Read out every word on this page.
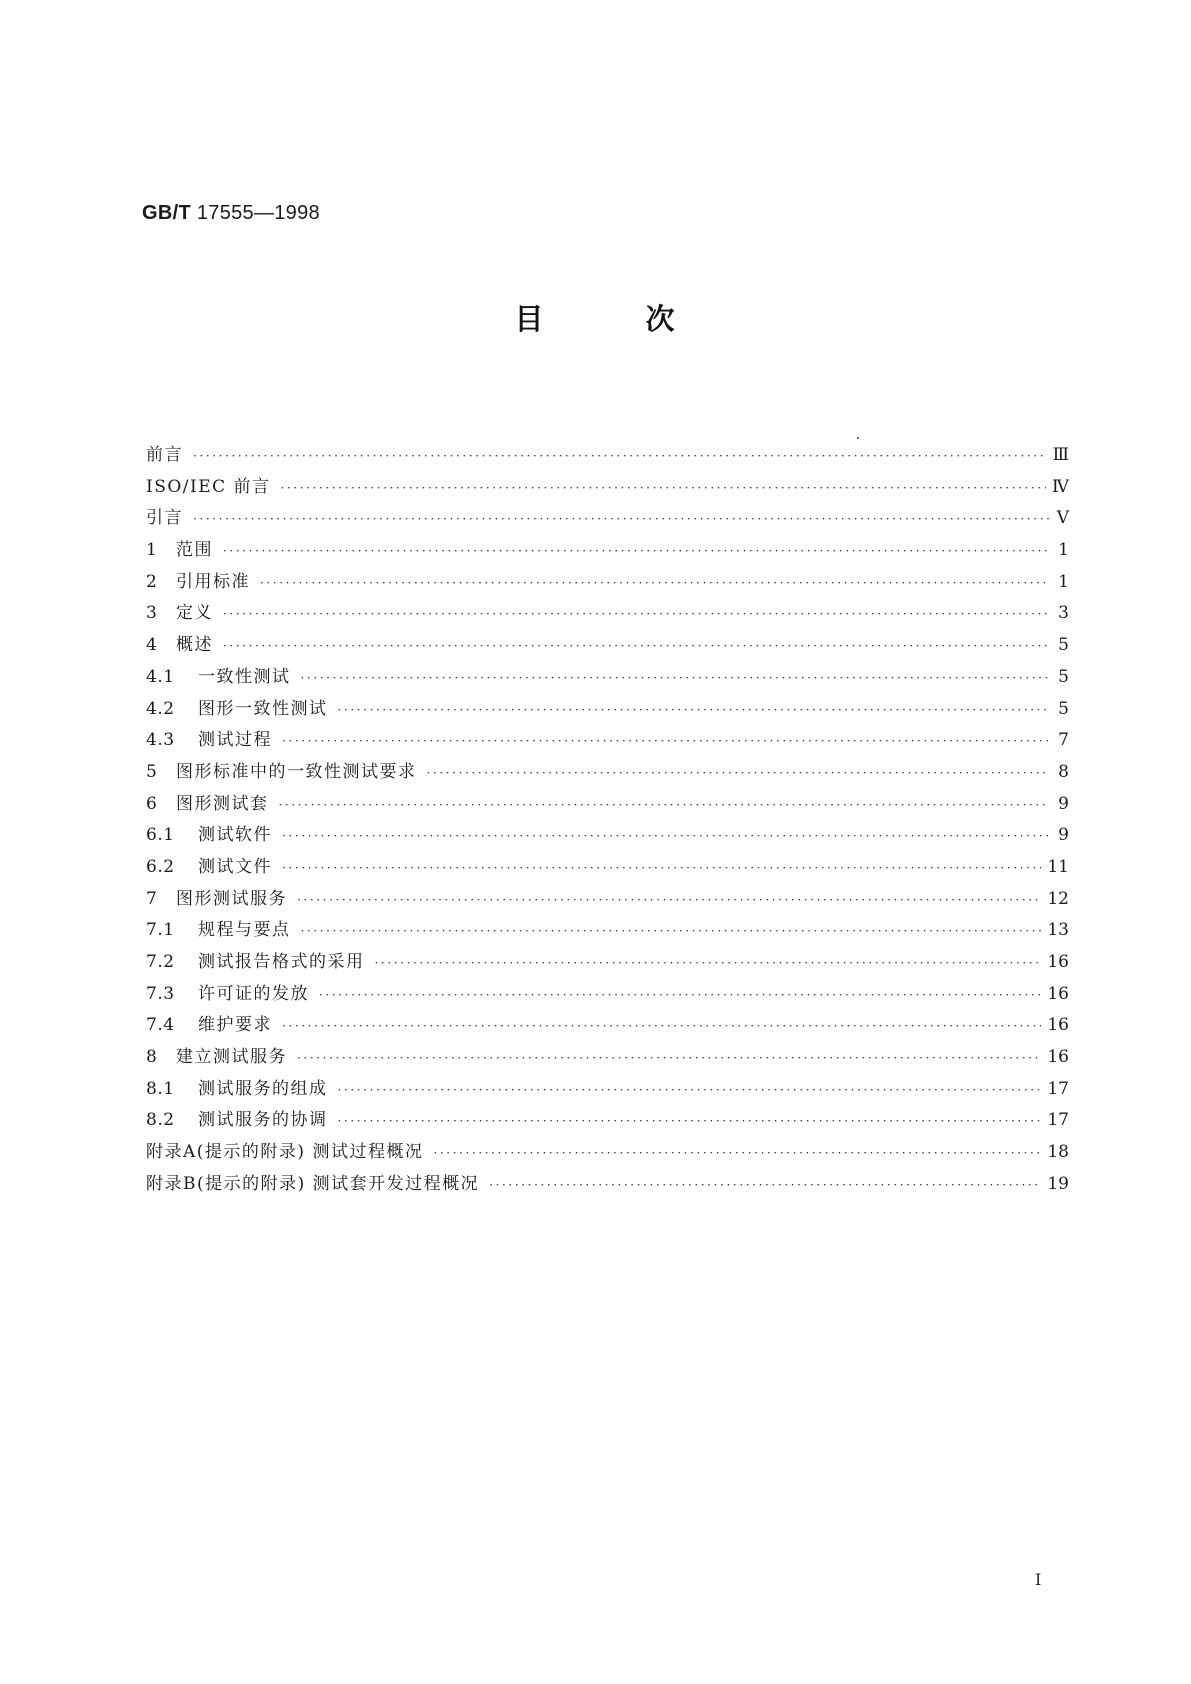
GB/T 17555—1998
目 次
前言 ·····	Ⅲ
ISO/IEC 前言 ·····	Ⅳ
引言 ·····	Ⅴ
1	范围 ·····	1
2	引用标准 ·····	1
3	定义 ·····	3
4	概述 ·····	5
4.1	一致性测试 ·····	5
4.2	图形一致性测试 ·····	5
4.3	测试过程 ·····	7
5	图形标准中的一致性测试要求 ·····	8
6	图形测试套 ·····	9
6.1	测试软件 ·····	9
6.2	测试文件 ·····	11
7	图形测试服务 ·····	12
7.1	规程与要点 ·····	13
7.2	测试报告格式的采用 ·····	16
7.3	许可证的发放 ·····	16
7.4	维护要求 ·····	16
8	建立测试服务 ·····	16
8.1	测试服务的组成 ·····	17
8.2	测试服务的协调 ·····	17
附录A(提示的附录) 测试过程概况 ·····	18
附录B(提示的附录) 测试套开发过程概况 ·····	19
I
